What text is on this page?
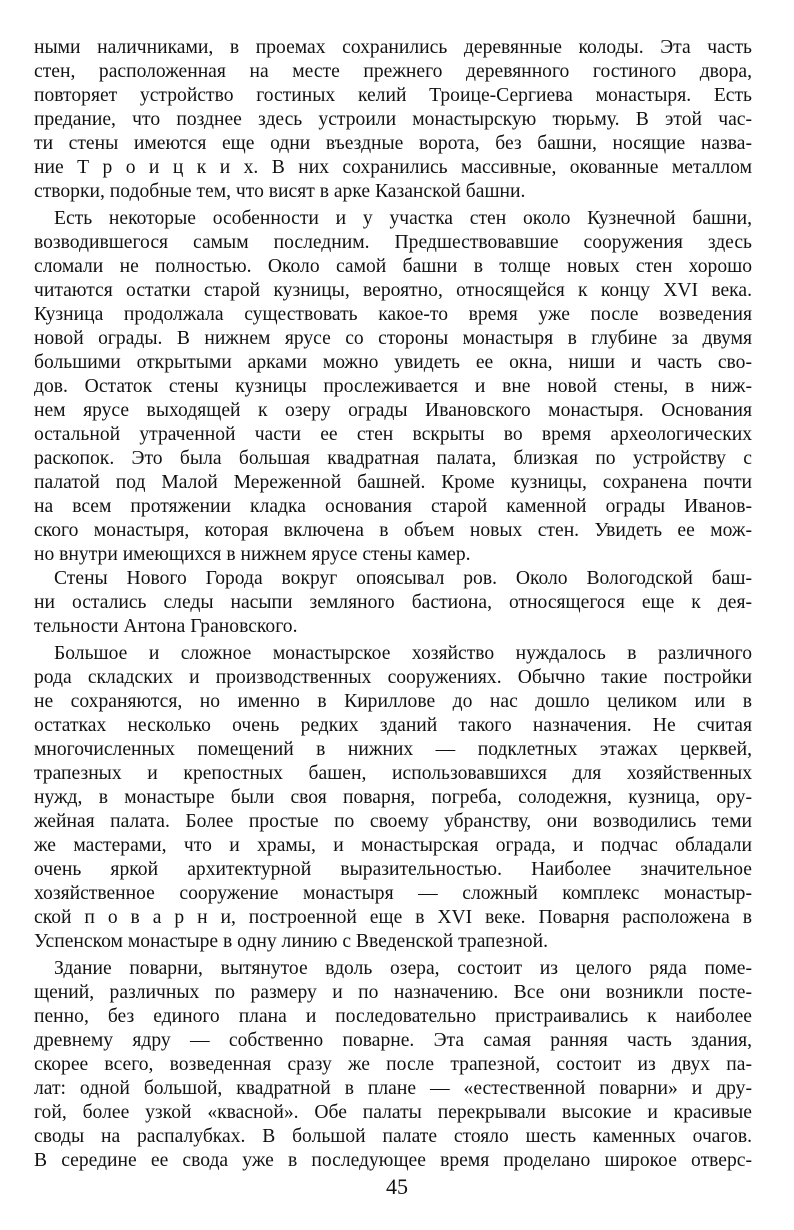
ными наличниками, в проемах сохранились деревянные колоды. Эта часть
стен, расположенная на месте прежнего деревянного гостиного двора,
повторяет устройство гостиных келий Троице-Сергиева монастыря. Есть
предание, что позднее здесь устроили монастырскую тюрьму. В этой час-
ти стены имеются еще одни въездные ворота, без башни, носящие назва-
ние Т р о и ц к и х. В них сохранились массивные, окованные металлом
створки, подобные тем, что висят в арке Казанской башни.
Есть некоторые особенности и у участка стен около Кузнечной башни,
возводившегося самым последним. Предшествовавшие сооружения здесь
сломали не полностью. Около самой башни в толще новых стен хорошо
читаются остатки старой кузницы, вероятно, относящейся к концу XVI века.
Кузница продолжала существовать какое-то время уже после возведения
новой ограды. В нижнем ярусе со стороны монастыря в глубине за двумя
большими открытыми арками можно увидеть ее окна, ниши и часть сво-
дов. Остаток стены кузницы прослеживается и вне новой стены, в ниж-
нем ярусе выходящей к озеру ограды Ивановского монастыря. Основания
остальной утраченной части ее стен вскрыты во время археологических
раскопок. Это была большая квадратная палата, близкая по устройству с
палатой под Малой Мереженной башней. Кроме кузницы, сохранена почти
на всем протяжении кладка основания старой каменной ограды Иванов-
ского монастыря, которая включена в объем новых стен. Увидеть ее мож-
но внутри имеющихся в нижнем ярусе стены камер.
Стены Нового Города вокруг опоясывал ров. Около Вологодской баш-
ни остались следы насыпи земляного бастиона, относящегося еще к дея-
тельности Антона Грановского.
Большое и сложное монастырское хозяйство нуждалось в различного
рода складских и производственных сооружениях. Обычно такие постройки
не сохраняются, но именно в Кириллове до нас дошло целиком или в
остатках несколько очень редких зданий такого назначения. Не считая
многочисленных помещений в нижних — подклетных этажах церквей,
трапезных и крепостных башен, использовавшихся для хозяйственных
нужд, в монастыре были своя поварня, погреба, солодежня, кузница, ору-
жейная палата. Более простые по своему убранству, они возводились теми
же мастерами, что и храмы, и монастырская ограда, и подчас обладали
очень яркой архитектурной выразительностью. Наиболее значительное
хозяйственное сооружение монастыря — сложный комплекс монастыр-
ской п о в а р н и, построенной еще в XVI веке. Поварня расположена в
Успенском монастыре в одну линию с Введенской трапезной.
Здание поварни, вытянутое вдоль озера, состоит из целого ряда поме-
щений, различных по размеру и по назначению. Все они возникли посте-
пенно, без единого плана и последовательно пристраивались к наиболее
древнему ядру — собственно поварне. Эта самая ранняя часть здания,
скорее всего, возведенная сразу же после трапезной, состоит из двух па-
лат: одной большой, квадратной в плане — «естественной поварни» и дру-
гой, более узкой «квасной». Обе палаты перекрывали высокие и красивые
своды на распалубках. В большой палате стояло шесть каменных очагов.
В середине ее свода уже в последующее время проделано широкое отверс-
45
